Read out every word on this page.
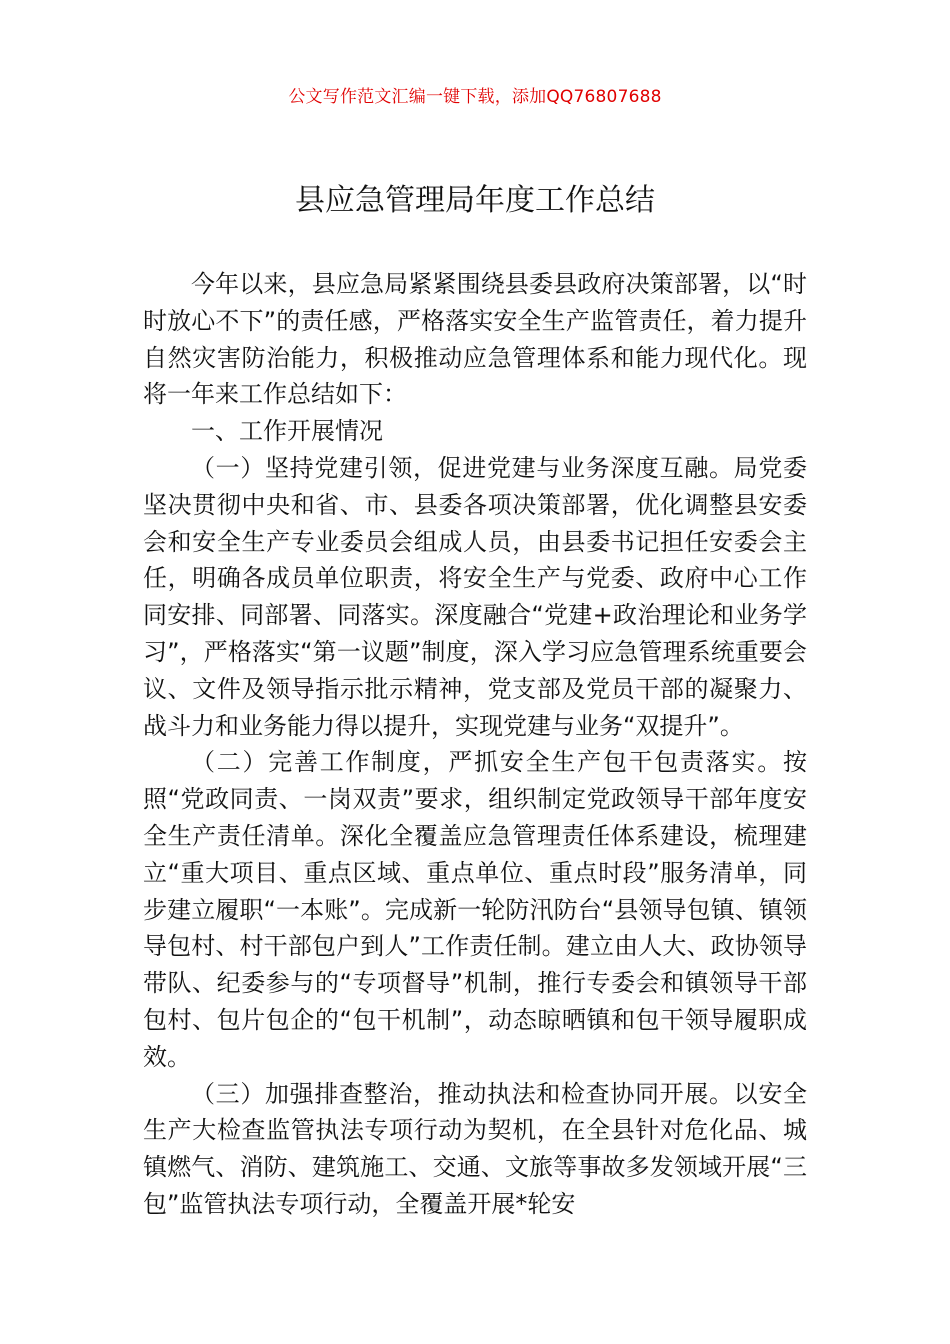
公文写作范文汇编一键下载，添加QQ76807688
县应急管理局年度工作总结

今年以来，县应急局紧紧围绕县委县政府决策部署，以“时时放心不下”的责任感，严格落实安全生产监管责任，着力提升自然灾害防治能力，积极推动应急管理体系和能力现代化。现将一年来工作总结如下：

一、工作开展情况

（一）坚持党建引领，促进党建与业务深度互融。局党委坚决贯彻中央和省、市、县委各项决策部署，优化调整县安委会和安全生产专业委员会组成人员，由县委书记担任安委会主任，明确各成员单位职责，将安全生产与党委、政府中心工作同安排、同部署、同落实。深度融合“党建+政治理论和业务学习”，严格落实“第一议题”制度，深入学习应急管理系统重要会议、文件及领导指示批示精神，党支部及党员干部的凝聚力、战斗力和业务能力得以提升，实现党建与业务“双提升”。

（二）完善工作制度，严抓安全生产包干包责落实。按照“党政同责、一岗双责”要求，组织制定党政领导干部年度安全生产责任清单。深化全覆盖应急管理责任体系建设，梳理建立“重大项目、重点区域、重点单位、重点时段”服务清单，同步建立履职“一本账”。完成新一轮防汛防台“县领导包镇、镇领导包村、村干部包户到人”工作责任制。建立由人大、政协领导带队、纪委参与的“专项督导”机制，推行专委会和镇领导干部包村、包片包企的“包干机制”，动态晾晒镇和包干领导履职成效。

（三）加强排查整治，推动执法和检查协同开展。以安全生产大检查监管执法专项行动为契机，在全县针对危化品、城镇燃气、消防、建筑施工、交通、文旅等事故多发领域开展“三包”监管执法专项行动，全覆盖开展*轮安
